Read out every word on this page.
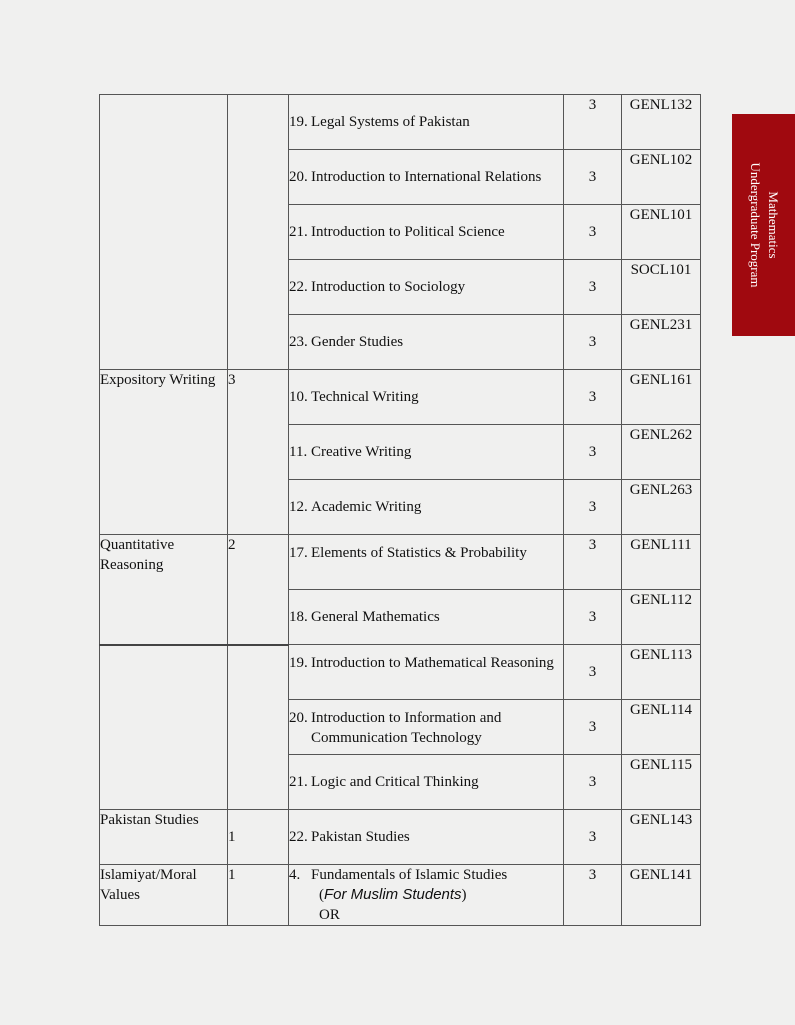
Mathematics
Undergraduate Program

		19. Legal Systems of Pakistan	3	GENL132

		20. Introduction to International Relations	3	GENL102

		21. Introduction to Political Science	3	GENL101

		22. Introduction to Sociology	3	SOCL101

		23. Gender Studies	3	GENL231
Expository Writing	3	10. Technical Writing	3	GENL161

		11. Creative Writing	3	GENL262

		12. Academic Writing	3	GENL263
Quantitative Reasoning	2	17. Elements of Statistics & Probability	3	GENL111

		18. General Mathematics	3	GENL112

		19. Introduction to Mathematical Reasoning	3	GENL113

		20. Introduction to Information and Communication Technology	3	GENL114

		21. Logic and Critical Thinking	3	GENL115
Pakistan Studies	1	22. Pakistan Studies	3	GENL143
Islamiyat/Moral Values	1	4. Fundamentals of Islamic Studies
(For Muslim Students)
OR	3	GENL141
